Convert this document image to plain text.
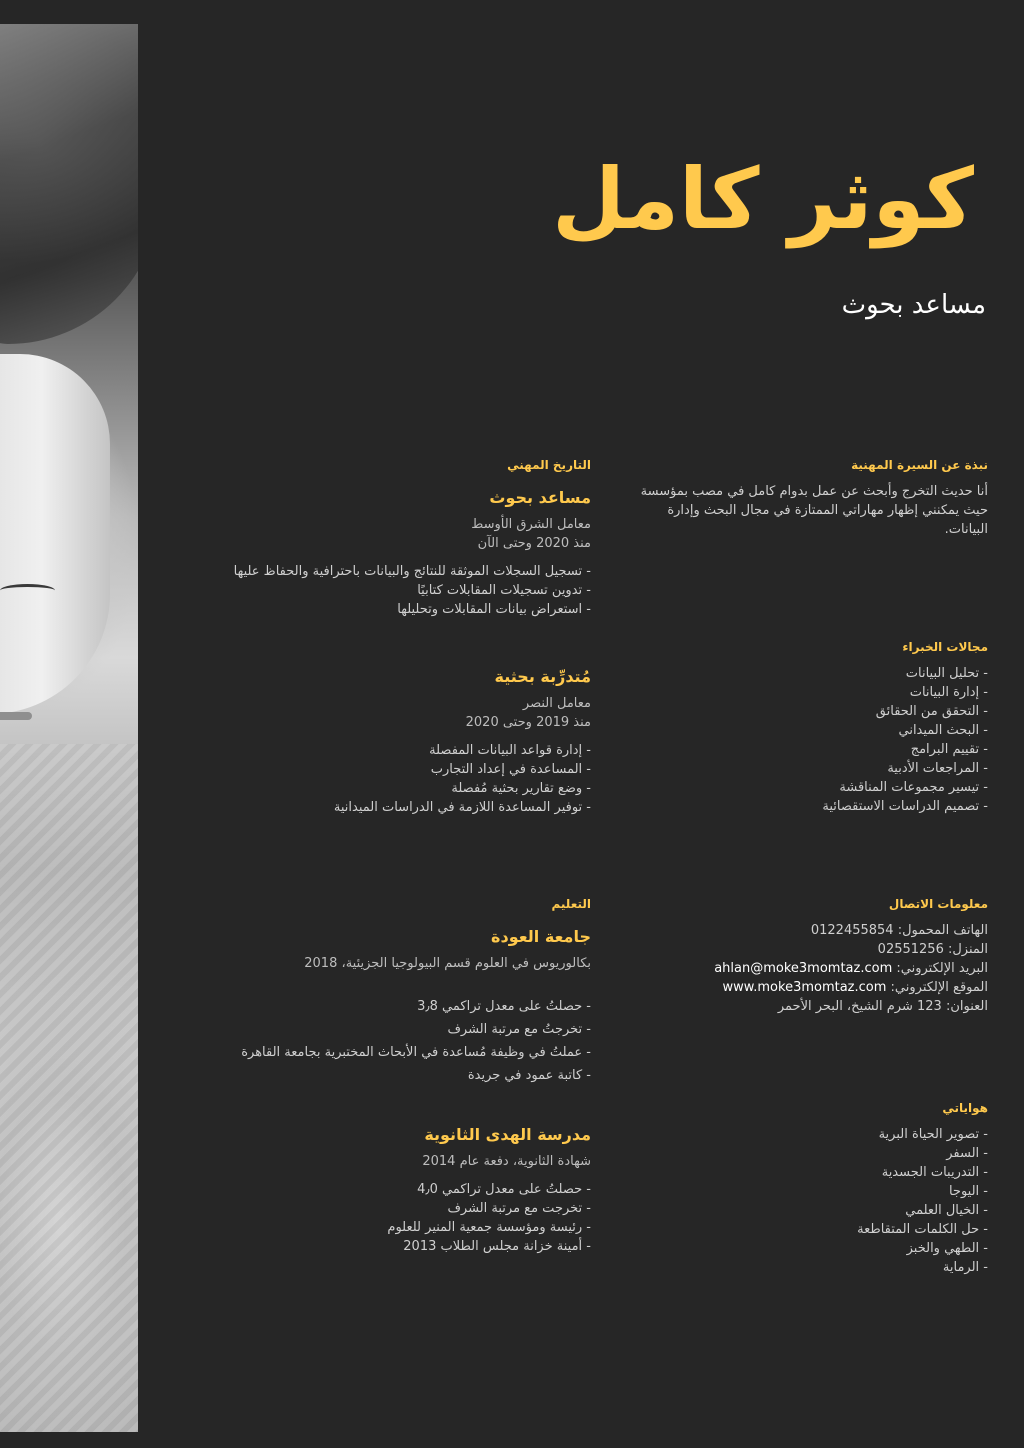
كوثر كامل

مساعد بحوث

نبذة عن السيرة المهنية

أنا حديث التخرج وأبحث عن عمل بدوام كامل في مصب بمؤسسة حيث يمكنني إظهار مهاراتي الممتازة في مجال البحث وإدارة البيانات.

مجالات الخبراء

- تحليل البيانات
- إدارة البيانات
- التحقق من الحقائق
- البحث الميداني
- تقييم البرامج
- المراجعات الأدبية
- تيسير مجموعات المناقشة
- تصميم الدراسات الاستقصائية

معلومات الاتصال

الهاتف المحمول: 0122455854

المنزل: 02551256

البريد الإلكتروني: ahlan@moke3momtaz.com

الموقع الإلكتروني: www.moke3momtaz.com

العنوان: 123 شرم الشيخ، البحر الأحمر

هواياتي

- تصوير الحياة البرية
- السفر
- التدريبات الجسدية
- اليوجا
- الخيال العلمي
- حل الكلمات المتقاطعة
- الطهي والخبز
- الرماية

التاريخ المهني

مساعد بحوث

معامل الشرق الأوسط

منذ 2020 وحتى الآن

- تسجيل السجلات الموثقة للنتائج والبيانات باحترافية والحفاظ عليها
- تدوين تسجيلات المقابلات كتابيًا
- استعراض بيانات المقابلات وتحليلها

مُتدرِّبة بحثية

معامل النصر

منذ 2019 وحتى 2020

- إدارة قواعد البيانات المفصلة
- المساعدة في إعداد التجارب
- وضع تقارير بحثية مُفصلة
- توفير المساعدة اللازمة في الدراسات الميدانية

التعليم

جامعة العودة

بكالوريوس في العلوم قسم البيولوجيا الجزيئية، 2018

- حصلتُ على معدل تراكمي 3٫8
- تخرجتُ مع مرتبة الشرف
- عملتُ في وظيفة مُساعدة في الأبحاث المختبرية بجامعة القاهرة
- كاتبة عمود في جريدة

مدرسة الهدى الثانوية

شهادة الثانوية، دفعة عام 2014

- حصلتُ على معدل تراكمي 4٫0
- تخرجت مع مرتبة الشرف
- رئيسة ومؤسسة جمعية المنير للعلوم
- أمينة خزانة مجلس الطلاب 2013
